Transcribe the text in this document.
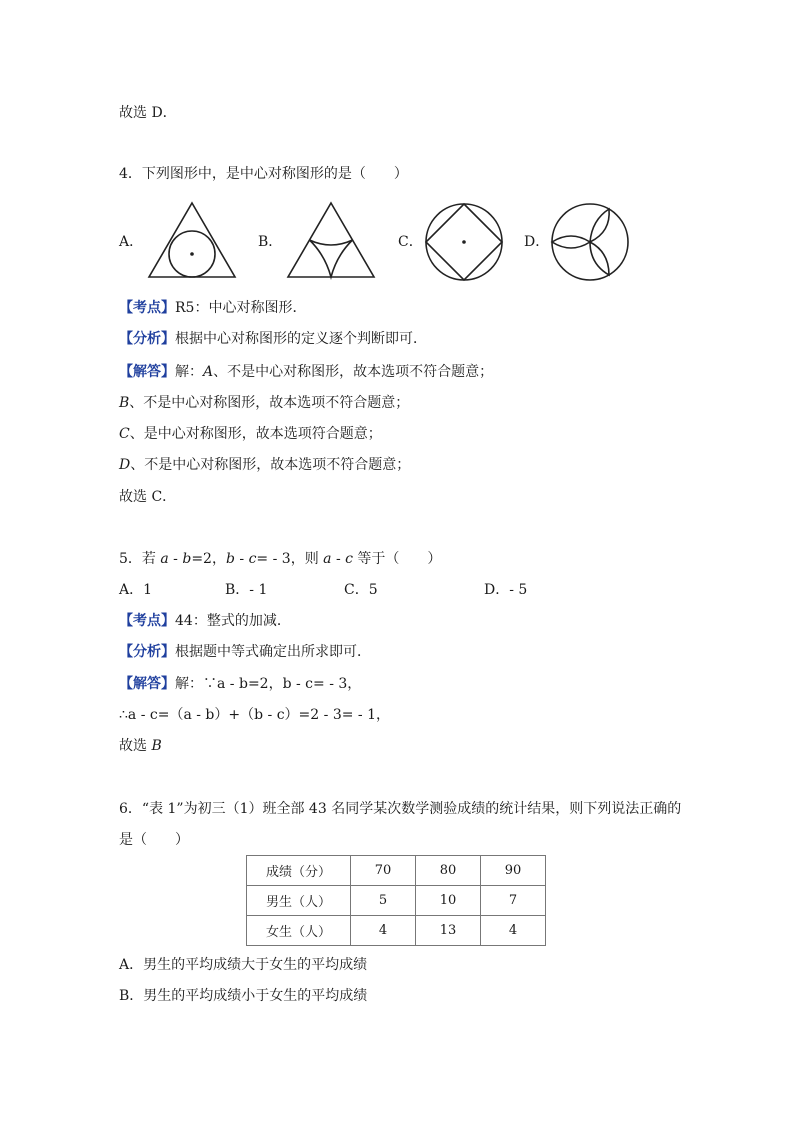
故选 D．
4．下列图形中，是中心对称图形的是（　　）
A．	B．	C．	D．
【考点】R5：中心对称图形．
【分析】根据中心对称图形的定义逐个判断即可．
【解答】解：A、不是中心对称图形，故本选项不符合题意；
B、不是中心对称图形，故本选项不符合题意；
C、是中心对称图形，故本选项符合题意；
D、不是中心对称图形，故本选项不符合题意；
故选 C．
5．若 a - b=2，b - c= - 3，则 a - c 等于（　　）
A．1	B．- 1	C．5	D．- 5
【考点】44：整式的加减．
【分析】根据题中等式确定出所求即可．
【解答】解：∵a - b=2，b - c= - 3，
∴a - c=（a - b）+（b - c）=2 - 3= - 1，
故选 B
6．“表 1”为初三（1）班全部 43 名同学某次数学测验成绩的统计结果，则下列说法正确的
是（　　）
成绩（分）	70	80	90
男生（人）	5	10	7
女生（人）	4	13	4
A．男生的平均成绩大于女生的平均成绩
B．男生的平均成绩小于女生的平均成绩
